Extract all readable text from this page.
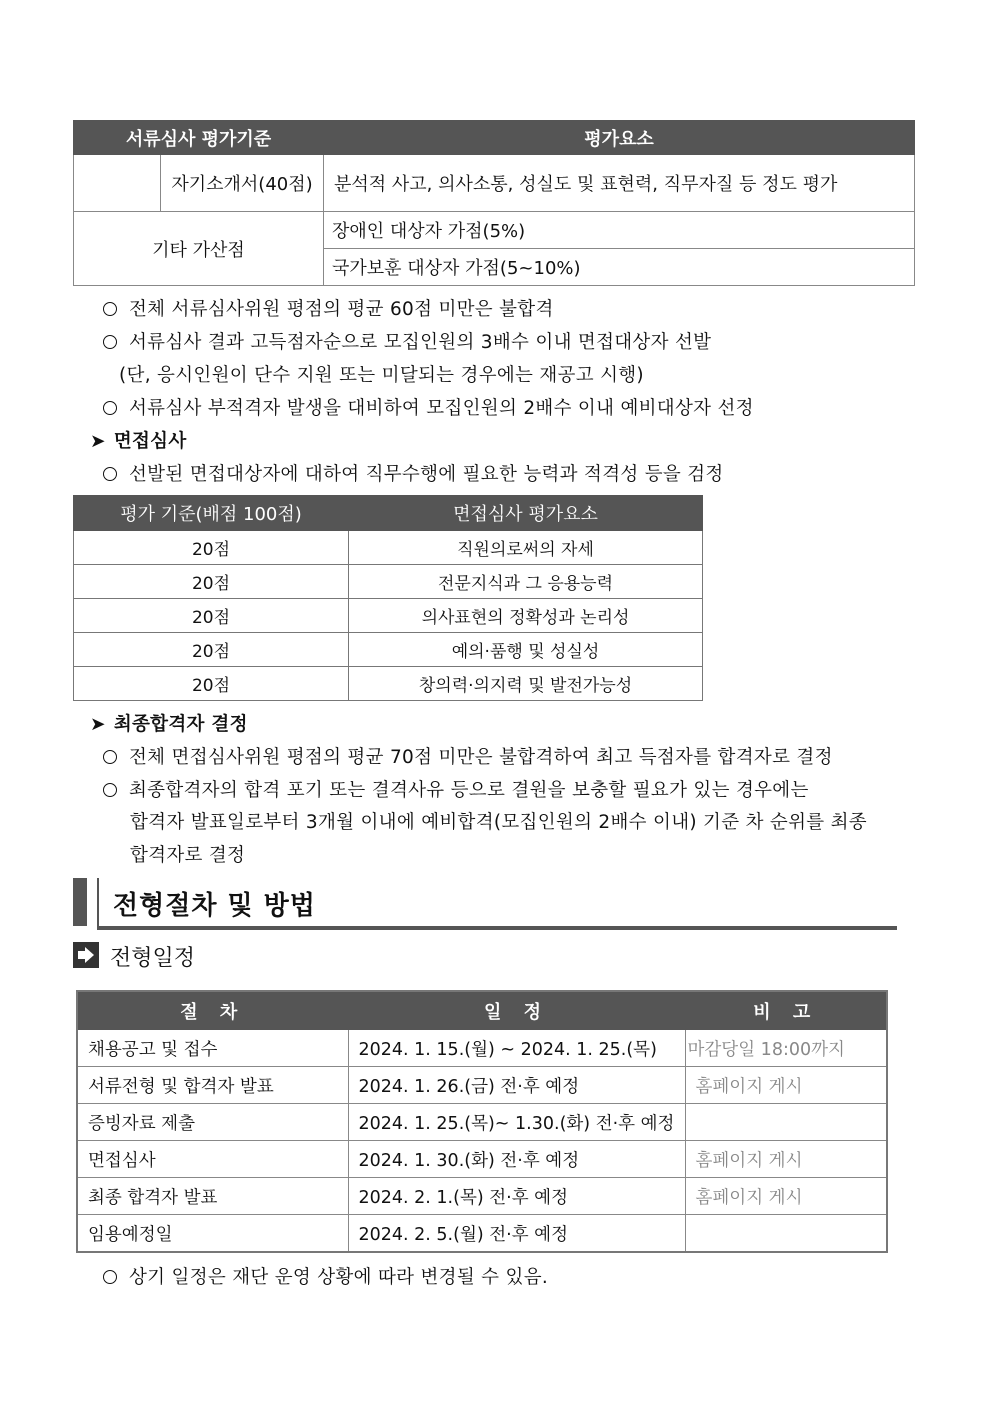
서류심사 평가기준		평가요소
	자기소개서(40점)	분석적 사고, 의사소통, 성실도 및 표현력, 직무자질 등 정도 평가
기타 가산점		장애인 대상자 가점(5%)
		국가보훈 대상자 가점(5~10%)
전체 서류심사위원 평점의 평균 60점 미만은 불합격
서류심사 결과 고득점자순으로 모집인원의 3배수 이내 면접대상자 선발
(단, 응시인원이 단수 지원 또는 미달되는 경우에는 재공고 시행)
서류심사 부적격자 발생을 대비하여 모집인원의 2배수 이내 예비대상자 선정
➤ 면접심사
선발된 면접대상자에 대하여 직무수행에 필요한 능력과 적격성 등을 검정
평가 기준(배점 100점)	면접심사 평가요소
20점	직원의로써의 자세
20점	전문지식과 그 응용능력
20점	의사표현의 정확성과 논리성
20점	예의·품행 및 성실성
20점	창의력·의지력 및 발전가능성
➤ 최종합격자 결정
전체 면접심사위원 평점의 평균 70점 미만은 불합격하여 최고 득점자를 합격자로 결정
최종합격자의 합격 포기 또는 결격사유 등으로 결원을 보충할 필요가 있는 경우에는
합격자 발표일로부터 3개월 이내에 예비합격(모집인원의 2배수 이내) 기준 차 순위를 최종
합격자로 결정
전형절차 및 방법
전형일정
절 차	일 정	비 고
채용공고 및 접수	2024. 1. 15.(월) ~ 2024. 1. 25.(목)	마감당일 18:00까지
서류전형 및 합격자 발표	2024. 1. 26.(금) 전·후 예정	홈페이지 게시
증빙자료 제출	2024. 1. 25.(목)~ 1.30.(화) 전·후 예정	
면접심사	2024. 1. 30.(화) 전·후 예정	홈페이지 게시
최종 합격자 발표	2024. 2. 1.(목) 전·후 예정	홈페이지 게시
임용예정일	2024. 2. 5.(월) 전·후 예정	
상기 일정은 재단 운영 상황에 따라 변경될 수 있음.
